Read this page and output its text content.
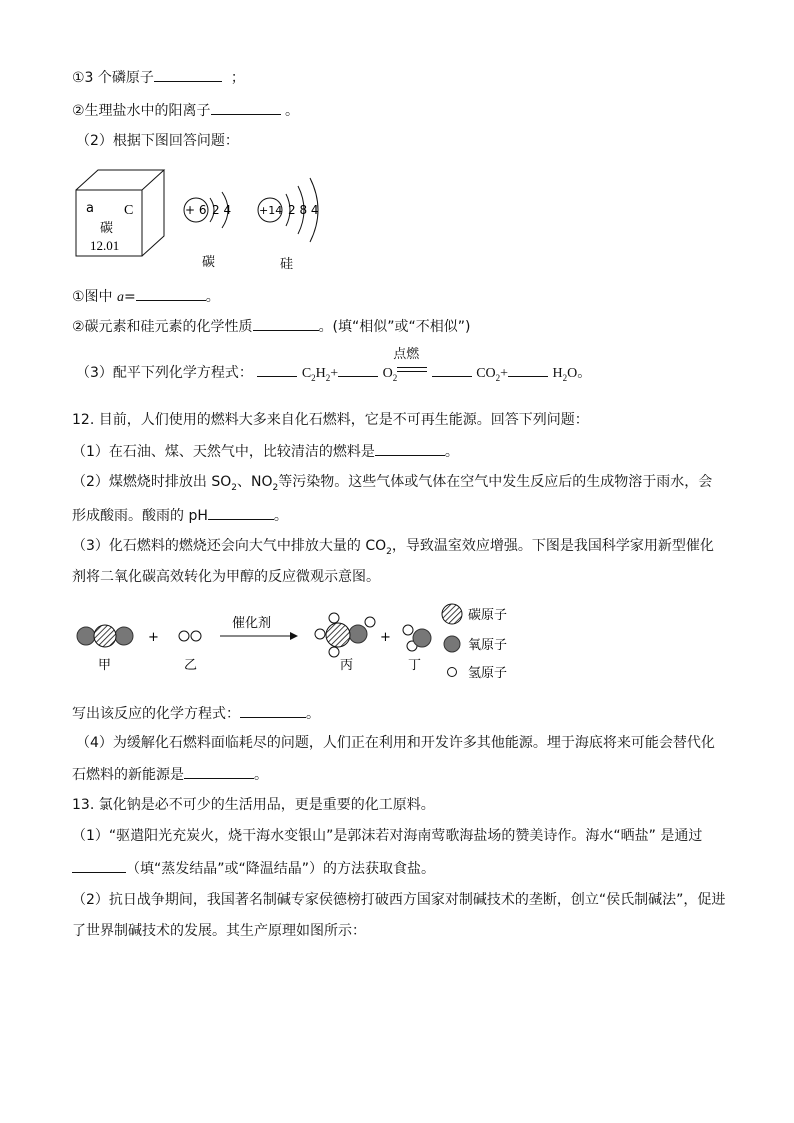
①3 个磷原子	；
②生理盐水中的阳离子	。
（2）根据下图回答问题：
a C
碳
12.01
+ 6 2 4
碳
+14 2 8 4
硅
①图中 a=	。
②碳元素和硅元素的化学性质	。(填“相似”或“不相似”)
（3）配平下列化学方程式：	$C_2H_2+$	$O_2$
点燃
$CO_2+$	$H_2O$。
12. 目前，人们使用的燃料大多来自化石燃料，它是不可再生能源。回答下列问题：
（1）在石油、煤、天然气中，比较清洁的燃料是	。
（2）煤燃烧时排放出 $SO_2$、$NO_2$等污染物。这些气体或气体在空气中发生反应后的生成物溶于雨水，会
形成酸雨。酸雨的 pH	。
（3）化石燃料的燃烧还会向大气中排放大量的 $CO_2$，导致温室效应增强。下图是我国科学家用新型催化
剂将二氧化碳高效转化为甲醇的反应微观示意图。
甲
+
乙
催化剂
丙
+
丁
碳原子
氧原子
氢原子
写出该反应的化学方程式：	。
（4）为缓解化石燃料面临耗尽的问题，人们正在利用和开发许多其他能源。埋于海底将来可能会替代化
石燃料的新能源是	。
13. 氯化钠是必不可少的生活用品，更是重要的化工原料。
（1）“驱遣阳光充炭火，烧干海水变银山”是郭沫若对海南莺歌海盐场的赞美诗作。海水“晒盐” 是通过
（填“蒸发结晶”或“降温结晶”）的方法获取食盐。
（2）抗日战争期间，我国著名制碱专家侯德榜打破西方国家对制碱技术的垄断，创立“侯氏制碱法”，促进
了世界制碱技术的发展。其生产原理如图所示：
